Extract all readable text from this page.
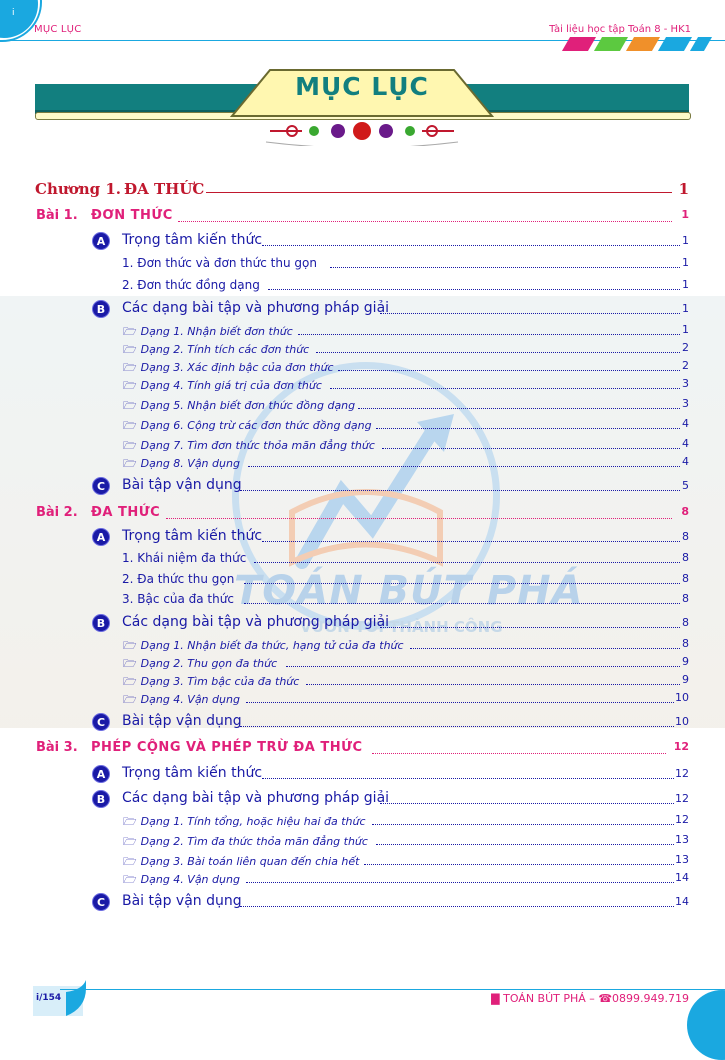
i
MỤC LỤC	Tài liệu học tập Toán 8 - HK1
TOÁN BÚT PHÁ
VƯƠN TỚI THÀNH CÔNG
MỤC LỤC
Chương 1. ĐA THỨC	1
Bài 1. ĐƠN THỨC	1
A	Trọng tâm kiến thức	1
1. Đơn thức và đơn thức thu gọn	1
2. Đơn thức đồng dạng	1
B	Các dạng bài tập và phương pháp giải	1
🗁 Dạng 1. Nhận biết đơn thức	1
🗁 Dạng 2. Tính tích các đơn thức	2
🗁 Dạng 3. Xác định bậc của đơn thức	2
🗁 Dạng 4. Tính giá trị của đơn thức	3
🗁 Dạng 5. Nhận biết đơn thức đồng dạng	3
🗁 Dạng 6. Cộng trừ các đơn thức đồng dạng	4
🗁 Dạng 7. Tìm đơn thức thỏa mãn đẳng thức	4
🗁 Dạng 8. Vận dụng	4
C	Bài tập vận dụng	5
Bài 2. ĐA THỨC	8
A	Trọng tâm kiến thức	8
1. Khái niệm đa thức	8
2. Đa thức thu gọn	8
3. Bậc của đa thức	8
B	Các dạng bài tập và phương pháp giải	8
🗁 Dạng 1. Nhận biết đa thức, hạng tử của đa thức	8
🗁 Dạng 2. Thu gọn đa thức	9
🗁 Dạng 3. Tìm bậc của đa thức	9
🗁 Dạng 4. Vận dụng	10
C	Bài tập vận dụng	10
Bài 3. PHÉP CỘNG VÀ PHÉP TRỪ ĐA THỨC	12
A	Trọng tâm kiến thức	12
B	Các dạng bài tập và phương pháp giải	12
🗁 Dạng 1. Tính tổng, hoặc hiệu hai đa thức	12
🗁 Dạng 2. Tìm đa thức thỏa mãn đẳng thức	13
🗁 Dạng 3. Bài toán liên quan đến chia hết	13
🗁 Dạng 4. Vận dụng	14
C	Bài tập vận dụng	14
i/154	▇ TOÁN BÚT PHÁ – ☎0899.949.719
